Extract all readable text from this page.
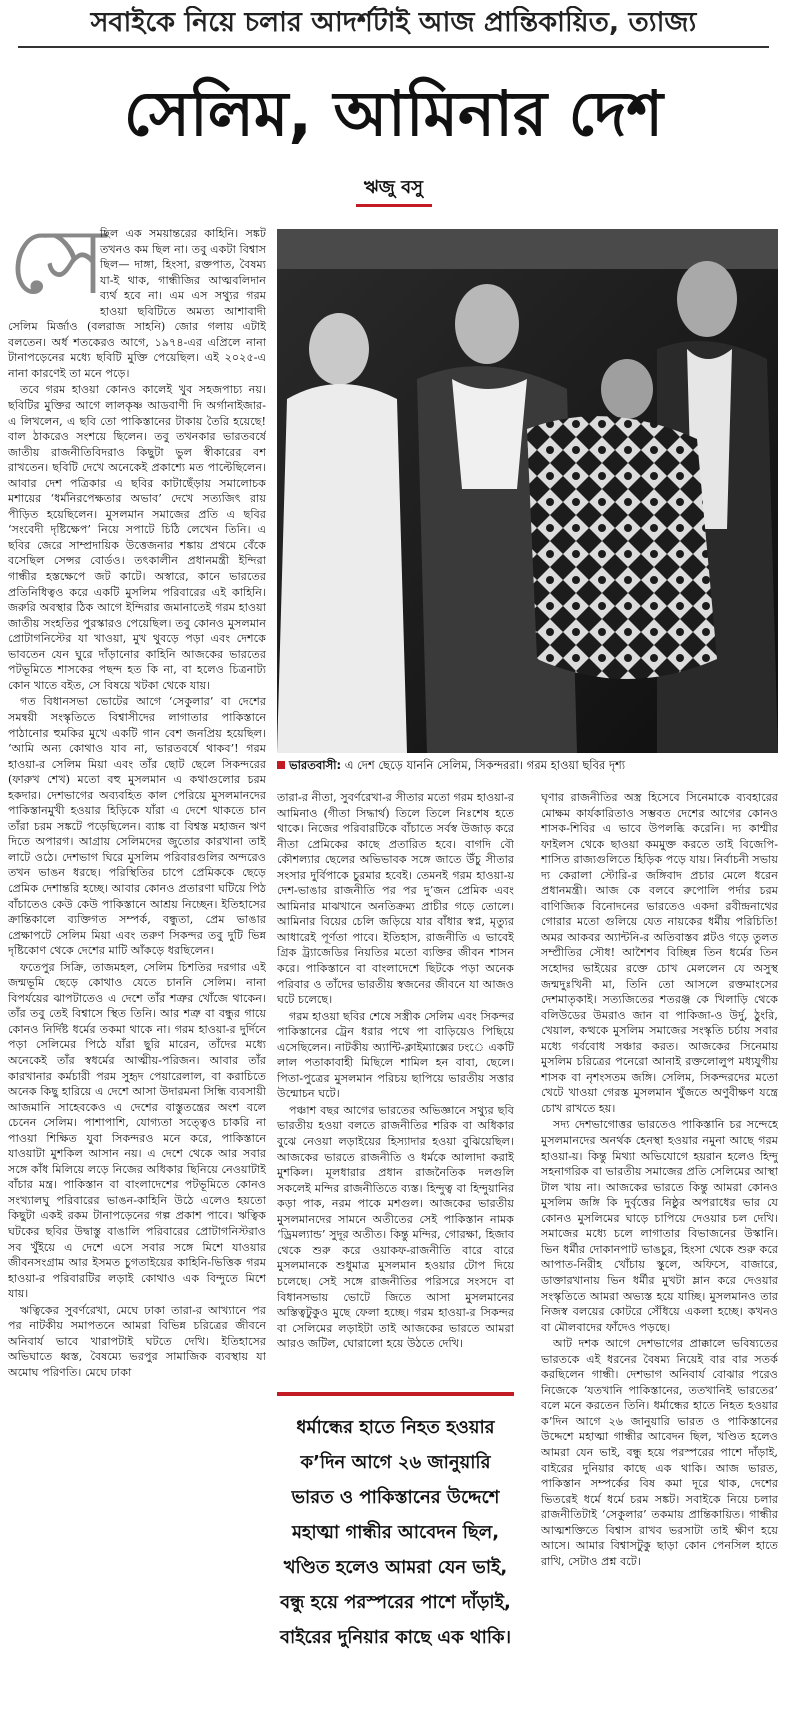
সবাইকে নিয়ে চলার আদর্শটাই আজ প্রান্তিকায়িত, ত্যাজ্য
সেলিম, আমিনার দেশ
ঋজু বসু
সে

ছিল এক সময়ান্তরের কাহিনি। সঙ্কট তখনও কম ছিল না। তবু একটা বিশ্বাস ছিল— দাঙ্গা, হিংসা, রক্তপাত, বৈষম্য যা-ই থাক, গান্ধীজির আত্মবলিদান ব্যর্থ হবে না। এম এস সথ্যুর গরম হাওয়া ছবিটিতে অমত্য আশাবাদী সেলিম মির্জাও (বলরাজ সাহনি) জোর গলায় এটাই বলতেন। অর্ধ শতকেরও আগে, ১৯৭৪-এর এপ্রিলে নানা টানাপড়েনের মধ্যে ছবিটি মুক্তি পেয়েছিল। এই ২০২৫-এ নানা কারণেই তা মনে পড়ে।

তবে গরম হাওয়া কোনও কালেই খুব সহজপাচ্য নয়। ছবিটির মুক্তির আগে লালকৃষ্ণ আডবাণী দি অর্গানাইজার-এ লিখলেন, এ ছবি তো পাকিস্তানের টাকায় তৈরি হয়েছে! বাল ঠাকরেও সংশয়ে ছিলেন। তবু তখনকার ভারতবর্ষে জাতীয় রাজনীতিবিদরাও কিছুটা ভুল স্বীকারের বশ রাখতেন। ছবিটি দেখে অনেকেই প্রকাশ্যে মত পাল্টেছিলেন। আবার দেশ পত্রিকার এ ছবির কাটাছেঁড়ায় সমালোচক মশায়ের ‘ধর্মনিরপেক্ষতার অভাব’ দেখে সত্যজিৎ রায় পীড়িত হয়েছিলেন। মুসলমান সমাজের প্রতি এ ছবির ‘সংবেদী দৃষ্টিক্ষেপ’ নিয়ে সপাটে চিঠি লেখেন তিনি। এ ছবির জেরে সাম্প্রদায়িক উত্তেজনার শঙ্কায় প্রথমে বেঁকে বসেছিল সেন্সর বোর্ডও। তৎকালীন প্রধানমন্ত্রী ইন্দিরা গান্ধীর হস্তক্ষেপে জট কাটে। অস্বারে, কানে ভারতের প্রতিনিধিত্বও করে একটি মুসলিম পরিবারের এই কাহিনি। জরুরি অবস্থার ঠিক আগে ইন্দিরার জমানাতেই গরম হাওয়া জাতীয় সংহতির পুরস্কারও পেয়েছিল। তবু কোনও মুসলমান প্রোটাগনিস্টের যা খাওয়া, মুখ থুবড়ে পড়া এবং দেশকে ভাবতেন যেন ঘুরে দাঁড়ানোর কাহিনি আজকের ভারতের পটভূমিতে শাসকের পছন্দ হত কি না, বা হলেও চিত্রনাট্য কোন খাতে বইত, সে বিষয়ে খটকা থেকে যায়।

গত বিধানসভা ভোটের আগে ‘সেকুলার’ বা দেশের সমন্বয়ী সংস্কৃতিতে বিশ্বাসীদের লাগাতার পাকিস্তানে পাঠানোর হুমকির মুখে একটি গান বেশ জনপ্রিয় হয়েছিল। ‘আমি অন্য কোথাও যাব না, ভারতবর্ষে থাকব’! গরম হাওয়া-র সেলিম মিয়া এবং তাঁর ছোট ছেলে সিকন্দরের (ফারুখ শেখ) মতো বহু মুসলমান এ কথাগুলোর চরম হকদার। দেশভাগের অব্যবহিত কাল পেরিয়ে মুসলমানদের পাকিস্তানমুখী হওয়ার হিড়িকে যাঁরা এ দেশে থাকতে চান তাঁরা চরম সঙ্কটে পড়েছিলেন। ব্যাঙ্ক বা বিশ্বস্ত মহাজন ঋণ দিতে অপারগ। আগ্রায় সেলিমদের জুতোর কারখানা তাই লাটে ওঠে। দেশভাগ ঘিরে মুসলিম পরিবারগুলির অন্দরেও তখন ভাঙন ধরছে। পরিস্থিতির চাপে প্রেমিককে ছেড়ে প্রেমিক দেশান্তরি হচ্ছে। আবার কোনও প্রতারণা ঘটিয়ে পিঠ বাঁচাতেও কেউ কেউ পাকিস্তানে আশ্রয় নিচ্ছেন। ইতিহাসের ক্রান্তিকালে ব্যক্তিগত সম্পর্ক, বন্ধুতা, প্রেম ভাঙার প্রেক্ষাপটে সেলিম মিয়া এবং তরুণ সিকন্দর তবু দুটি ভিন্ন দৃষ্টিকোণ থেকে দেশের মাটি আঁকড়ে ধরছিলেন।

ফতেপুর সিক্রি, তাজমহল, সেলিম চিশতির দরগার এই জন্মভূমি ছেড়ে কোথাও যেতে চাননি সেলিম। নানা বিপর্যয়ের ঝাপটাতেও এ দেশে তাঁর শত্রুর খোঁজে থাকেন। তাঁর তবু তেই বিশ্বাসে স্থিত তিনি। আর শত্রু বা বন্ধুর গায়ে কোনও নির্দিষ্ট ধর্মের তকমা থাকে না। গরম হাওয়া-র দুর্দিনে পড়া সেলিমের পিঠে যাঁরা ছুরি মারেন, তাঁদের মধ্যে অনেকেই তাঁর স্বধর্মের আত্মীয়-পরিজন। আবার তাঁর কারখানার কর্মচারী পরম সুহৃদ পেয়ারেলাল, বা করাচিতে অনেক কিছু হারিয়ে এ দেশে আসা উদারমনা সিন্ধি ব্যবসায়ী আজমানি সাহেবকেও এ দেশের বাস্তুতন্ত্রের অংশ বলে চেনেন সেলিম। পাশাপাশি, যোগ্যতা সত্ত্বেও চাকরি না পাওয়া শিক্ষিত যুবা সিকন্দরও মনে করে, পাকিস্তানে যাওয়াটা মুশকিল আসান নয়। এ দেশে থেকে আর সবার সঙ্গে কাঁধ মিলিয়ে লড়ে নিজের অধিকার ছিনিয়ে নেওয়াটাই বাঁচার মন্ত্র। পাকিস্তান বা বাংলাদেশের পটভূমিতে কোনও সংখ্যালঘু পরিবারের ভাঙন-কাহিনি উঠে এলেও হয়তো কিছুটা একই রকম টানাপড়েনের গল্প প্রকাশ পাবে। ঋত্বিক ঘটকের ছবির উদ্বাস্তু বাঙালি পরিবারের প্রোটাগনিস্টরাও সব খুঁইয়ে এ দেশে এসে সবার সঙ্গে মিশে যাওয়ার জীবনসংগ্রাম আর ইসমত চুগতাইয়ের কাহিনি-ভিত্তিক গরম হাওয়া-র পরিবারটির লড়াই কোথাও এক বিন্দুতে মিশে যায়।

ঋত্বিকের সুবর্ণরেখা, মেঘে ঢাকা তারা-র আখ্যানে পর পর নাটকীয় সমাপতনে আমরা বিভিন্ন চরিত্রের জীবনে অনিবার্য ভাবে খারাপটাই ঘটতে দেখি। ইতিহাসের অভিঘাতে ধ্বস্ত, বৈষম্যে ভরপুর সামাজিক ব্যবস্থায় যা অমোঘ পরিণতি। মেঘে ঢাকা

ভারতবাসী: এ দেশ ছেড়ে যাননি সেলিম, সিকন্দররা। গরম হাওয়া ছবির দৃশ্য

তারা-র নীতা, সুবর্ণরেখা-র সীতার মতো গরম হাওয়া-র আমিনাও (গীতা সিদ্ধার্থ) তিলে তিলে নিঃশেষ হতে থাকে। নিজের পরিবারটিকে বাঁচাতে সর্বস্ব উজাড় করে নীতা প্রেমিকের কাছে প্রতারিত হবে। বাগদি বৌ কৌশল্যার ছেলের অভিভাবক সঙ্গে জাতে উঁচু সীতার সংসার দুর্বিপাকে চুরমার হবেই। তেমনই গরম হাওয়া-য় দেশ-ভাঙার রাজনীতি পর পর দু’জন প্রেমিক এবং আমিনার মাঝখানে অনতিক্রম্য প্রাচীর গড়ে তোলে। আমিনার বিয়ের চেলি জড়িয়ে যার বাঁধার স্বপ্ন, মৃত্যুর আধারেই পূর্ণতা পাবে। ইতিহাস, রাজনীতি এ ভাবেই গ্রিক ট্র্যাজেডির নিয়তির মতো ব্যক্তির জীবন শাসন করে। পাকিস্তানে বা বাংলাদেশে ছিটকে পড়া অনেক পরিবার ও তাঁদের ভারতীয় স্বজনের জীবনে যা আজও ঘটে চলেছে।

গরম হাওয়া ছবির শেষে সস্ত্রীক সেলিম এবং সিকন্দর পাকিস্তানের ট্রেন ধরার পথে পা বাড়িয়েও পিছিয়ে এসেছিলেন। নাটকীয় অ্যান্টি-ক্লাইম্যাক্সের ঢংে একটি লাল পতাকাবাহী মিছিলে শামিল হন বাবা, ছেলে। পিতা-পুত্রের মুসলমান পরিচয় ছাপিয়ে ভারতীয় সত্তার উন্মোচন ঘটে।

পঞ্চাশ বছর আগের ভারতের অভিজ্ঞানে সথ্যুর ছবি ভারতীয় হওয়া বলতে রাজনীতির শরিক বা অধিকার বুঝে নেওয়া লড়াইয়ের হিস্যাদার হওয়া বুঝিয়েছিল। আজকের ভারতে রাজনীতি ও ধর্মকে আলাদা করাই মুশকিল। মূলধারার প্রধান রাজনৈতিক দলগুলি সকলেই মন্দির রাজনীতিতে ব্যস্ত। হিন্দুত্ব বা হিন্দুয়ানির কড়া পাক, নরম পাকে মশগুল। আজকের ভারতীয় মুসলমানদের সামনে অতীতের সেই পাকিস্তান নামক ‘ড্রিমল্যান্ড’ সুদূর অতীত। কিন্তু মন্দির, গোরক্ষা, হিজাব থেকে শুরু করে ওয়াকফ-রাজনীতি বারে বারে মুসলমানকে শুধুমাত্র মুসলমান হওয়ার টোপ দিয়ে চলেছে। সেই সঙ্গে রাজনীতির পরিসরে সংসদে বা বিধানসভায় ভোটে জিতে আসা মুসলমানের অস্তিত্বটুকুও মুছে ফেলা হচ্ছে। গরম হাওয়া-র সিকন্দর বা সেলিমের লড়াইটা তাই আজকের ভারতে আমরা আরও জটিল, ঘোরালো হয়ে উঠতে দেখি।

ধর্মান্ধের হাতে নিহত হওয়ার ক’দিন আগে ২৬ জানুয়ারি ভারত ও পাকিস্তানের উদ্দেশে মহাত্মা গান্ধীর আবেদন ছিল, খণ্ডিত হলেও আমরা যেন ভাই, বন্ধু হয়ে পরস্পরের পাশে দাঁড়াই, বাইরের দুনিয়ার কাছে এক থাকি।

ঘৃণার রাজনীতির অস্ত্র হিসেবে সিনেমাকে ব্যবহারের মোক্ষম কার্যকারিতাও সম্ভবত দেশের আগের কোনও শাসক-শিবির এ ভাবে উপলব্ধি করেনি। দ্য কাশ্মীর ফাইলস থেকে ছাওয়া কমমুক্ত করতে তাই বিজেপি-শাসিত রাজ্যগুলিতে হিড়িক পড়ে যায়। নির্বাচনী সভায় দ্য কেরালা স্টোরি-র জঙ্গিবাদ প্রচার মেলে ধরেন প্রধানমন্ত্রী। আজ কে বলবে রুপোলি পর্দার চরম বাণিজ্যিক বিনোদনের ভারতেও একদা রবীন্দ্রনাথের গোরার মতো গুলিয়ে যেত নায়কের ধর্মীয় পরিচিতি! অমর আকবর অ্যান্টনি-র অতিবাস্তব প্লটও গড়ে তুলত সম্প্রীতির সৌধ! আশৈশব বিচ্ছিন্ন তিন ধর্মের তিন সহোদর ভাইয়ের রক্তে চোখ মেললেন যে অসুস্থ জন্মদুঃখিনী মা, তিনি তো আসলে রক্তমাংসের দেশমাতৃকাই। সত্যজিতের শতরঞ্জ কে খিলাড়ি থেকে বলিউডের উমরাও জান বা পাকিজা-ও উর্দু, ঠুংরি, খেয়াল, কত্থকে মুসলিম সমাজের সংস্কৃতি চর্চায় সবার মধ্যে গর্ববোধ সঞ্চার করত। আজকের সিনেমায় মুসলিম চরিত্রের পনেরো আনাই রক্তলোলুপ মধ্যযুগীয় শাসক বা নৃশংসতম জঙ্গি। সেলিম, সিকন্দরদের মতো খেটে খাওয়া গেরস্ত মুসলমান খুঁজতে অণুবীক্ষণ যন্ত্রে চোখ রাখতে হয়।

সদ্য দেশভাগোত্তর ভারতেও পাকিস্তানি চর সন্দেহে মুসলমানদের অনর্থক হেনস্থা হওয়ার নমুনা আছে গরম হাওয়া-য়। কিন্তু মিথ্যা অভিযোগে হয়রান হলেও হিন্দু সহনাগরিক বা ভারতীয় সমাজের প্রতি সেলিমের আস্থা টাল খায় না। আজকের ভারতে কিন্তু আমরা কোনও মুসলিম জঙ্গি কি দুর্বৃত্তের নিষ্ঠুর অপরাধের ভার যে কোনও মুসলিমের ঘাড়ে চাপিয়ে দেওয়ার চল দেখি। সমাজের মধ্যে চলে লাগাতার বিভাজনের উস্কানি। ভিন ধর্মীর দোকানপাট ভাঙচুর, হিংসা থেকে শুরু করে আপাত-নিরীহ খোঁচায় স্কুলে, অফিসে, বাজারে, ডাক্তারখানায় ভিন ধর্মীর মুখটা ম্লান করে দেওয়ার সংস্কৃতিতে আমরা অভ্যস্ত হয়ে যাচ্ছি। মুসলমানও তার নিজস্ব বলয়ের কোটরে সেঁধিয়ে একলা হচ্ছে। কখনও বা মৌলবাদের ফাঁদেও পড়ছে।

আট দশক আগে দেশভাগের প্রাক্কালে ভবিষ্যতের ভারতকে এই ধরনের বৈষম্য নিয়েই বার বার সতর্ক করছিলেন গান্ধী। দেশভাগ অনিবার্য বোঝার পরেও নিজেকে ‘যতখানি পাকিস্তানের, ততখানিই ভারতের’ বলে মনে করতেন তিনি। ধর্মান্ধের হাতে নিহত হওয়ার ক’দিন আগে ২৬ জানুয়ারি ভারত ও পাকিস্তানের উদ্দেশে মহাত্মা গান্ধীর আবেদন ছিল, খণ্ডিত হলেও আমরা যেন ভাই, বন্ধু হয়ে পরস্পরের পাশে দাঁড়াই, বাইরের দুনিয়ার কাছে এক থাকি। আজ ভারত, পাকিস্তান সম্পর্কের বিষ কমা দূরে থাক, দেশের ভিতরেই ধর্মে ধর্মে চরম সঙ্কট। সবাইকে নিয়ে চলার রাজনীতিটাই ‘সেকুলার’ তকমায় প্রান্তিকায়িত। গান্ধীর আত্মশক্তিতে বিশ্বাস রাখব ভরসাটা তাই ক্ষীণ হয়ে আসে। আমার বিশ্বাসটুকু ছাড়া কোন পেনসিল হাতে রাখি, সেটাও প্রশ্ন বটে।
